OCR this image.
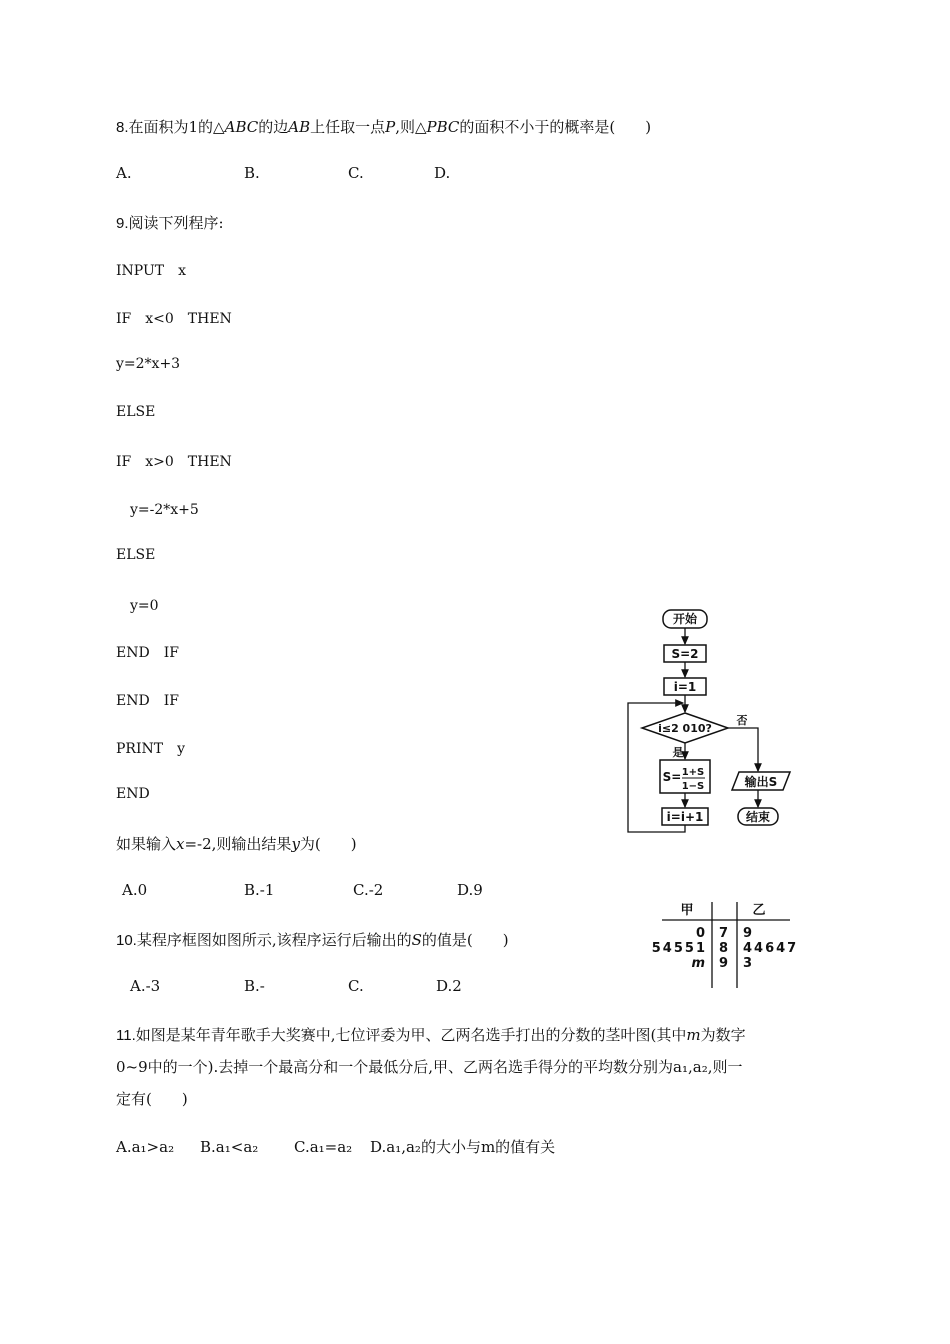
8.在面积为1的△ABC的边AB上任取一点P,则△PBC的面积不小于的概率是(　　)
A.	B.	C.	D.
9.阅读下列程序:
INPUT　x
IF　x<0　THEN
y=2*x+3
ELSE
IF　x>0　THEN
　y=-2*x+5
ELSE
　y=0
END　IF
END　IF
PRINT　y
END
如果输入x=-2,则输出结果y为(　　)
A.0	B.-1	C.-2	D.9
10.某程序框图如图所示,该程序运行后输出的S的值是(　　)
A.-3	B.-	C.	D.2
11.如图是某年青年歌手大奖赛中,七位评委为甲、乙两名选手打出的分数的茎叶图(其中m为数字
0~9中的一个).去掉一个最高分和一个最低分后,甲、乙两名选手得分的平均数分别为a₁,a₂,则一
定有(　　)
A.a₁>a₂ B.a₁<a₂ C.a₁=a₂ D.a₁,a₂的大小与m的值有关
开始
S=2
i=1
i≤2 010?
是
否
S= 1+S
1−S
i=i+1
输出S
结束
甲	乙
0 7 9
54551 8 44647
m 9 3
